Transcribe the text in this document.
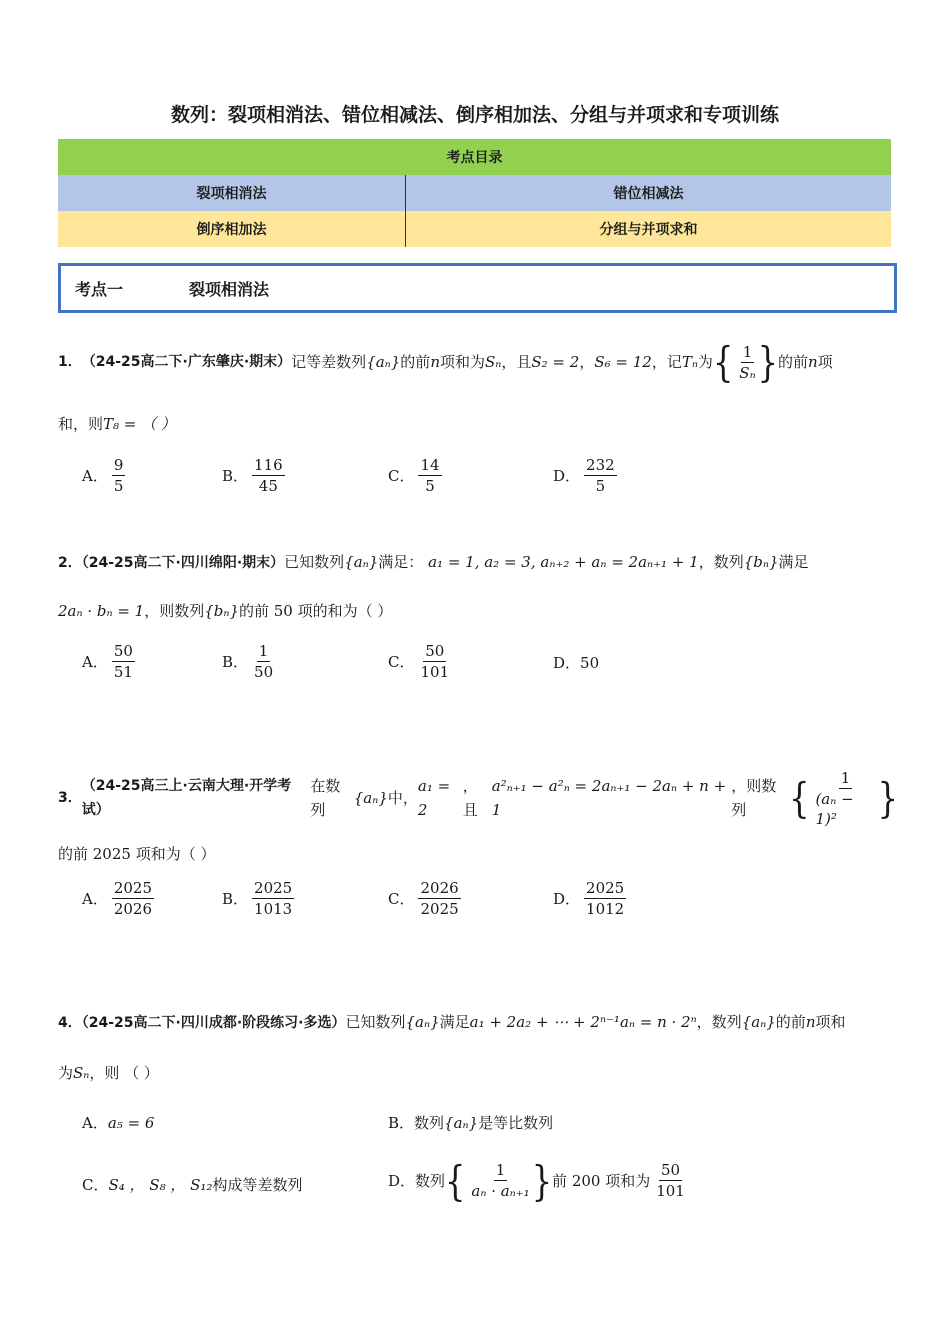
数列：裂项相消法、错位相减法、倒序相加法、分组与并项求和专项训练
考点目录	
裂项相消法	错位相减法
倒序相加法	分组与并项求和
考点一	裂项相消法
1． （24-25高二下·广东肇庆·期末） 记等差数列 {aₙ} 的前 n 项和为 Sₙ ，且 S₂ = 2 ， S₆ = 12 ，记 Tₙ 为 { $\frac{1}{\text{Sₙ}}$ } 的前 n 项
和，则T₈ = （ ）
A． $\frac{9}{5}$	B． $\frac{116}{45}$	C． $\frac{14}{5}$	D． $\frac{232}{5}$
2．（24-25高二下·四川绵阳·期末）已知数列{aₙ}满足： a₁ = 1, a₂ = 3, aₙ₊₂ + aₙ = 2aₙ₊₁ + 1，数列{bₙ}满足
2aₙ · bₙ = 1，则数列{bₙ}的前 50 项的和为（ ）
A． $\frac{50}{51}$	B． $\frac{1}{50}$	C． $\frac{50}{101}$	D． 50
3．
（24-25高三上·云南大理·开学考试）
在数列
{aₙ} 中，
a₁ = 2
，且
a²ₙ₊₁ − a²ₙ = 2aₙ₊₁ − 2aₙ + n + 1
，则数列	{ $\frac{1}{\text{(aₙ − 1)²}}$ }
的前 2025 项和为（ ）
A． $\frac{2025}{2026}$	B． $\frac{2025}{1013}$	C． $\frac{2026}{2025}$	D． $\frac{2025}{1012}$
4．（24-25高二下·四川成都·阶段练习·多选）已知数列{aₙ}满足a₁ + 2a₂ + ⋯ + 2ⁿ⁻¹aₙ = n · 2ⁿ，数列{aₙ}的前n项和
为Sₙ，则 （ ）
A． a₅ = 6	B． 数列 {aₙ} 是等比数列
C． S₄ ， S₈ ， S₁₂ 构成等差数列	D． 数列 { $\frac{1}{\text{aₙ · aₙ₊₁}}$ } 前 200 项和为 $\frac{50}{101}$
